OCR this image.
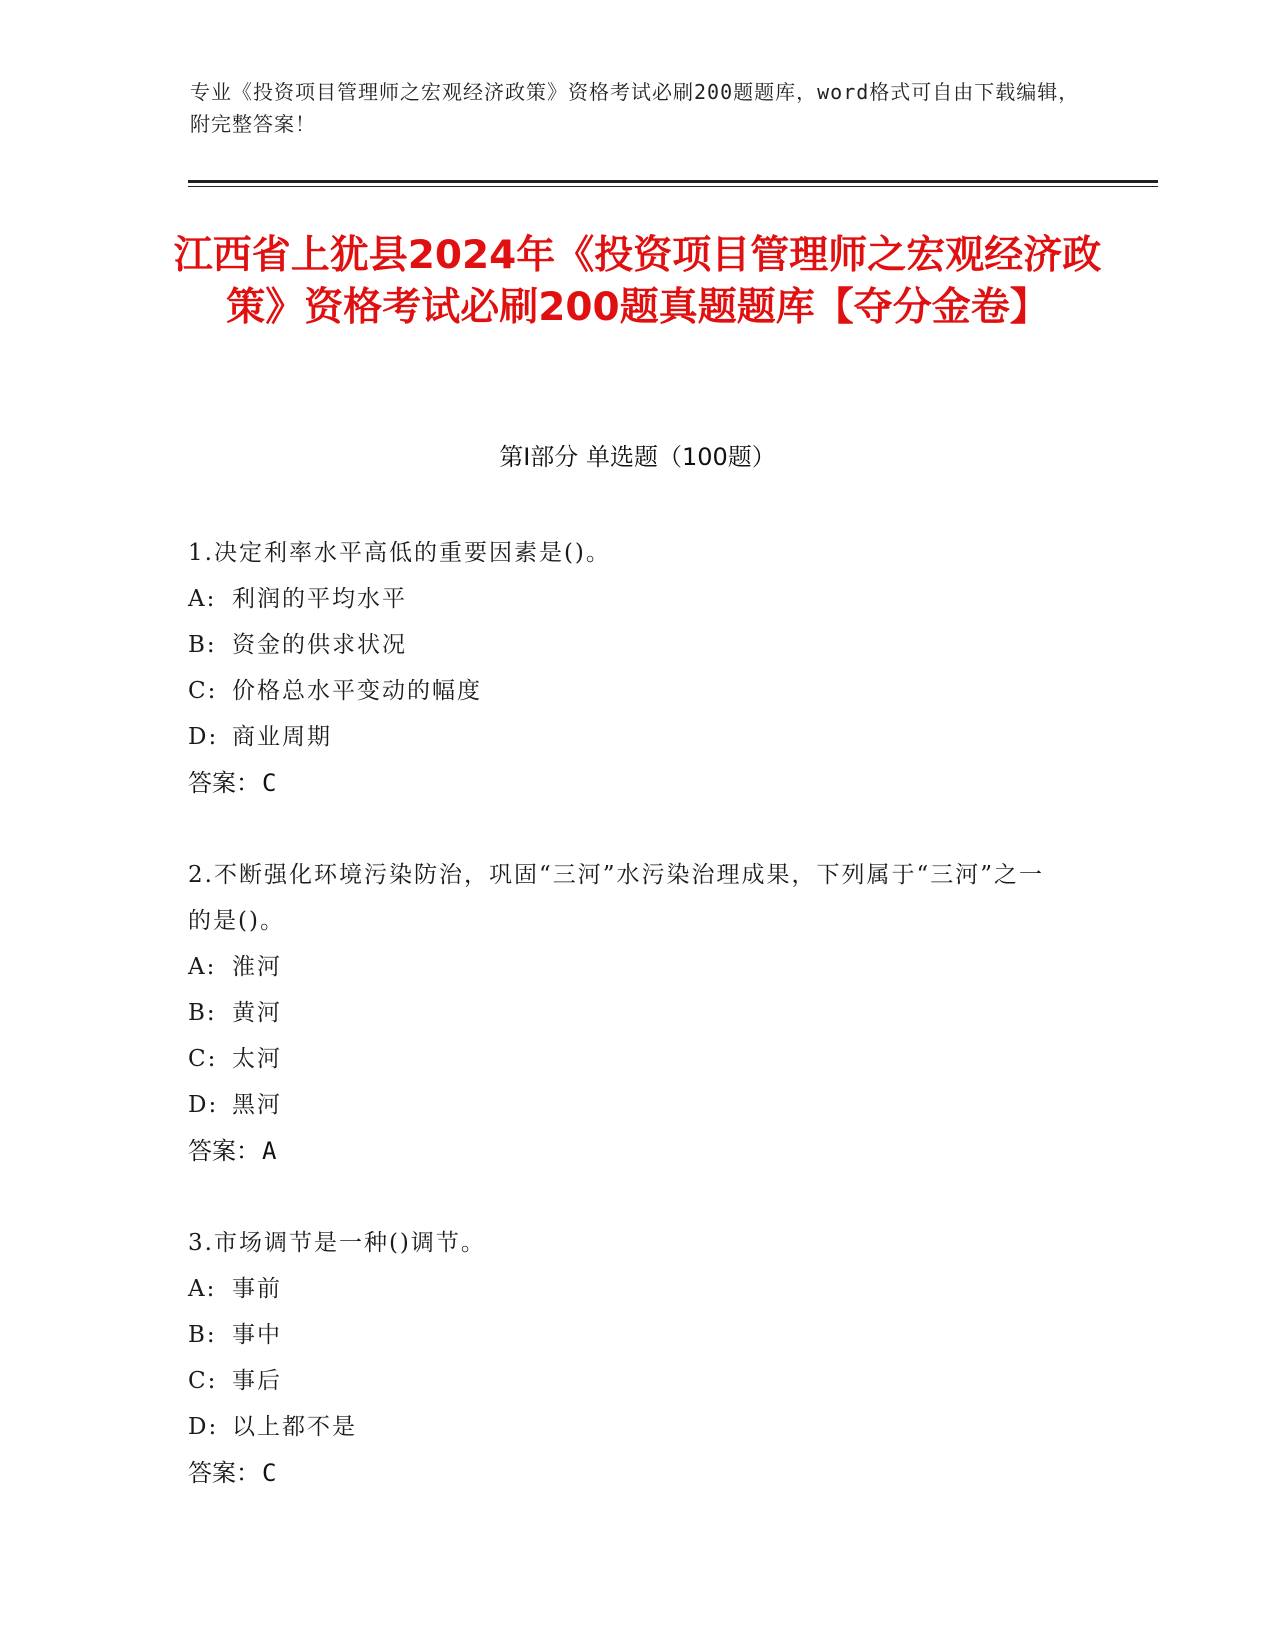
专业《投资项目管理师之宏观经济政策》资格考试必刷200题题库，word格式可自由下载编辑，附完整答案！
江西省上犹县2024年《投资项目管理师之宏观经济政策》资格考试必刷200题真题题库【夺分金卷】
第Ⅰ部分 单选题（100题）
1.决定利率水平高低的重要因素是()。
A: 利润的平均水平
B: 资金的供求状况
C: 价格总水平变动的幅度
D: 商业周期
答案：C
2.不断强化环境污染防治，巩固“三河”水污染治理成果，下列属于“三河”之一的是()。
A: 淮河
B: 黄河
C: 太河
D: 黑河
答案：A
3.市场调节是一种()调节。
A: 事前
B: 事中
C: 事后
D: 以上都不是
答案：C
